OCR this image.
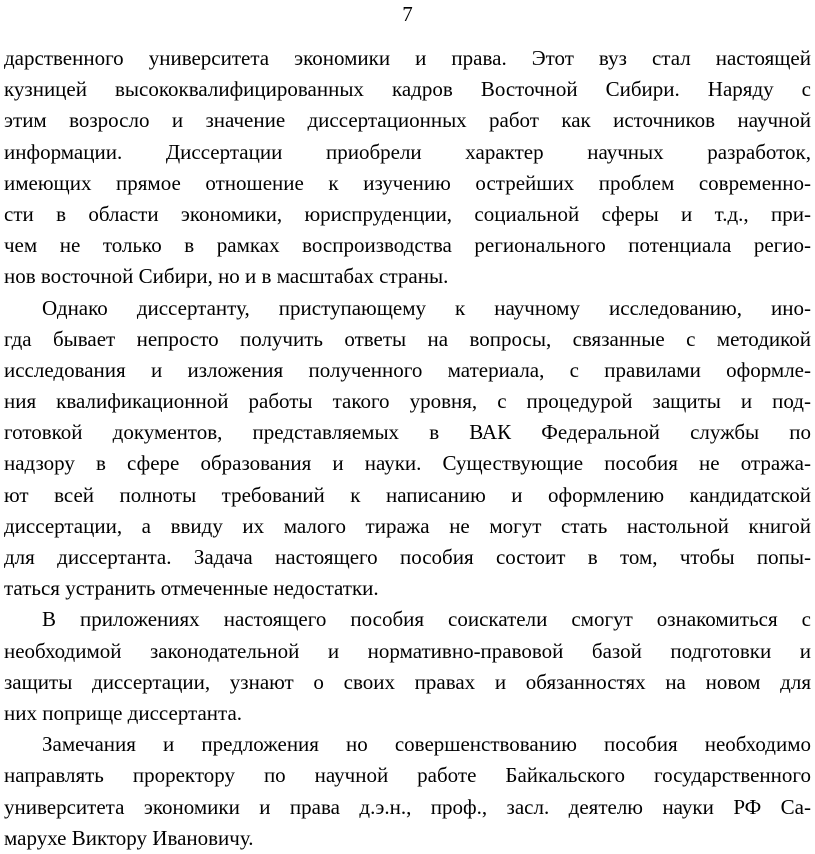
7
дарственного университета экономики и права. Этот вуз стал настоящей
кузницей высококвалифицированных кадров Восточной Сибири. Наряду с
этим возросло и значение диссертационных работ как источников научной
информации. Диссертации приобрели характер научных разработок,
имеющих прямое отношение к изучению острейших проблем современно-
сти в области экономики, юриспруденции, социальной сферы и т.д., при-
чем не только в рамках воспроизводства регионального потенциала регио-
нов восточной Сибири, но и в масштабах страны.
Однако диссертанту, приступающему к научному исследованию, ино-
гда бывает непросто получить ответы на вопросы, связанные с методикой
исследования и изложения полученного материала, с правилами оформле-
ния квалификационной работы такого уровня, с процедурой защиты и под-
готовкой документов, представляемых в ВАК Федеральной службы по
надзору в сфере образования и науки. Существующие пособия не отража-
ют всей полноты требований к написанию и оформлению кандидатской
диссертации, а ввиду их малого тиража не могут стать настольной книгой
для диссертанта. Задача настоящего пособия состоит в том, чтобы попы-
таться устранить отмеченные недостатки.
В приложениях настоящего пособия соискатели смогут ознакомиться с
необходимой законодательной и нормативно-правовой базой подготовки и
защиты диссертации, узнают о своих правах и обязанностях на новом для
них поприще диссертанта.
Замечания и предложения но совершенствованию пособия необходимо
направлять проректору по научной работе Байкальского государственного
университета экономики и права д.э.н., проф., засл. деятелю науки РФ Са-
марухе Виктору Ивановичу.
